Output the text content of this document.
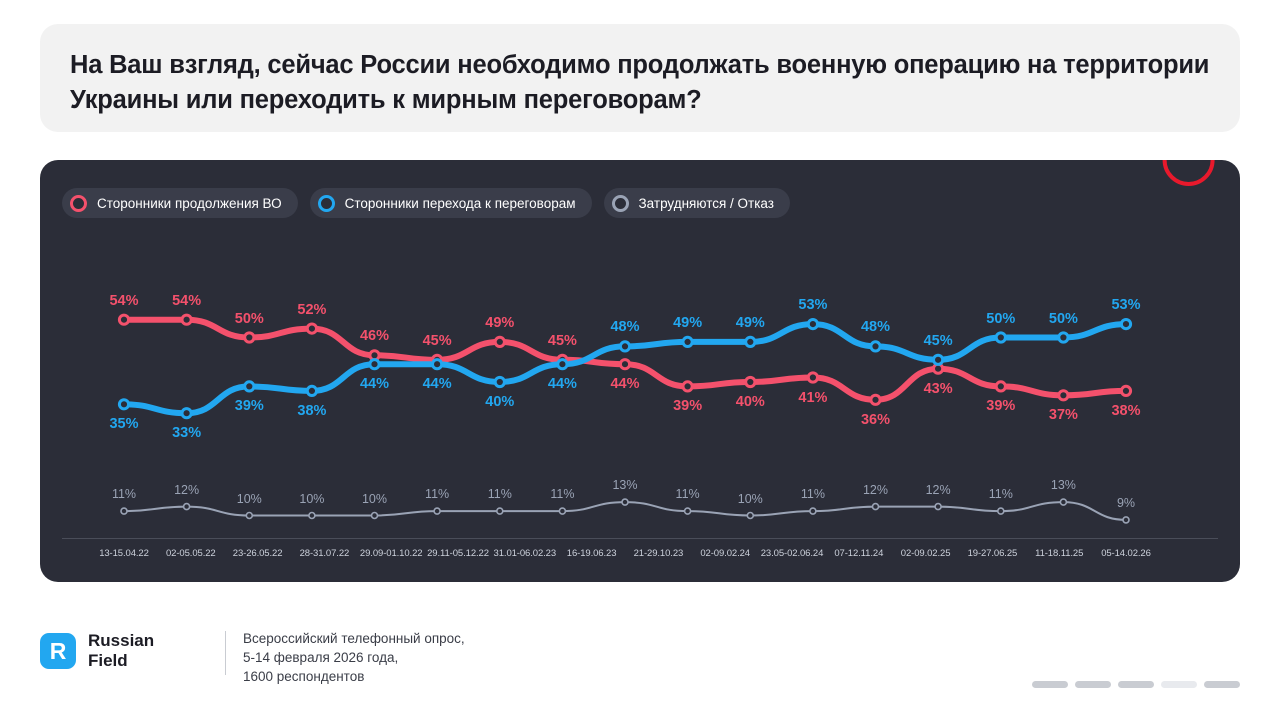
На Ваш взгляд, сейчас России необходимо продолжать военную операцию на территории Украины или переходить к мирным переговорам?
Сторонники продолжения ВО	Сторонники перехода к переговорам	Затрудняются / Отказ
54% 54%
50%
52%
46% 45%
49%
45%
44%
39% 40% 41%
36%
43%
39%
37% 38%
35%
33%
39% 38%
44% 44%
40%
44%
48% 49% 49%
53%
48%
45%
50% 50%
53%
11%	12%
10%	10%	10%	11%	11%	11%
13%
11%	10%	11%	12%	12%	11%
13%
9%
13-15.04.22 02-05.05.22 23-26.05.22 28-31.07.22 29.09-01.10.22 29.11-05.12.22 31.01-06.02.23 16-19.06.23 21-29.10.23 02-09.02.24 23.05-02.06.24 07-12.11.24 02-09.02.25 19-27.06.25 11-18.11.25 05-14.02.26
R	Russian
Field
Всероссийский телефонный опрос,
5-14 февраля 2026 года,
1600 респондентов
